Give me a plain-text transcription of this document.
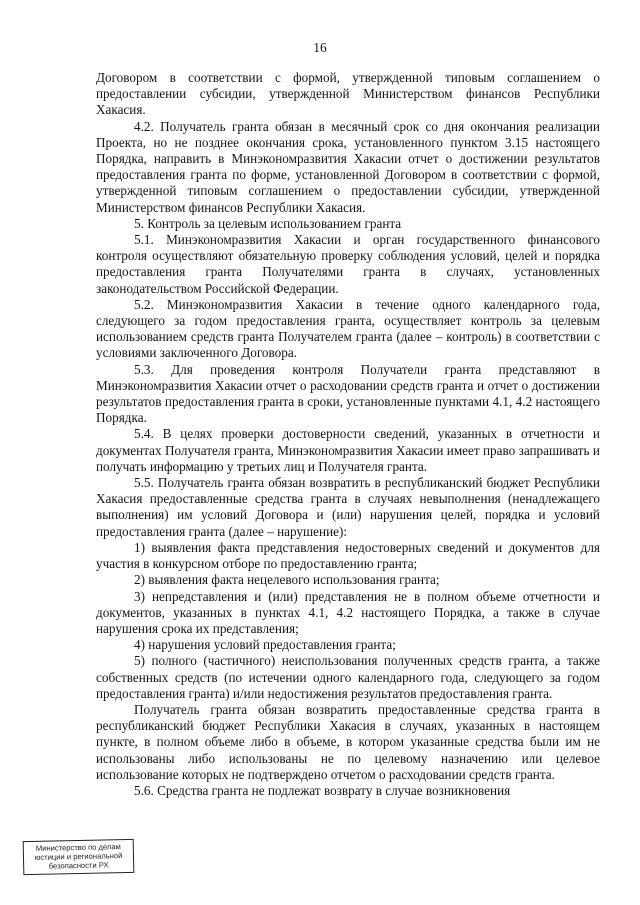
16

Договором в соответствии с формой, утвержденной типовым соглашением о предоставлении субсидии, утвержденной Министерством финансов Республики Хакасия.

4.2. Получатель гранта обязан в месячный срок со дня окончания реализации Проекта, но не позднее окончания срока, установленного пунктом 3.15 настоящего Порядка, направить в Минэкономразвития Хакасии отчет о достижении результатов предоставления гранта по форме, установленной Договором в соответствии с формой, утвержденной типовым соглашением о предоставлении субсидии, утвержденной Министерством финансов Республики Хакасия.

5. Контроль за целевым использованием гранта

5.1. Минэкономразвития Хакасии и орган государственного финансового контроля осуществляют обязательную проверку соблюдения условий, целей и порядка предоставления гранта Получателями гранта в случаях, установленных законодательством Российской Федерации.

5.2. Минэкономразвития Хакасии в течение одного календарного года, следующего за годом предоставления гранта, осуществляет контроль за целевым использованием средств гранта Получателем гранта (далее – контроль) в соответствии с условиями заключенного Договора.

5.3. Для проведения контроля Получатели гранта представляют в Минэкономразвития Хакасии отчет о расходовании средств гранта и отчет о достижении результатов предоставления гранта в сроки, установленные пунктами 4.1, 4.2 настоящего Порядка.

5.4. В целях проверки достоверности сведений, указанных в отчетности и документах Получателя гранта, Минэкономразвития Хакасии имеет право запрашивать и получать информацию у третьих лиц и Получателя гранта.

5.5. Получатель гранта обязан возвратить в республиканский бюджет Республики Хакасия предоставленные средства гранта в случаях невыполнения (ненадлежащего выполнения) им условий Договора и (или) нарушения целей, порядка и условий предоставления гранта (далее – нарушение):

1) выявления факта представления недостоверных сведений и документов для участия в конкурсном отборе по предоставлению гранта;

2) выявления факта нецелевого использования гранта;

3) непредставления и (или) представления не в полном объеме отчетности и документов, указанных в пунктах 4.1, 4.2 настоящего Порядка, а также в случае нарушения срока их представления;

4) нарушения условий предоставления гранта;

5) полного (частичного) неиспользования полученных средств гранта, а также собственных средств (по истечении одного календарного года, следующего за годом предоставления гранта) и/или недостижения результатов предоставления гранта.

Получатель гранта обязан возвратить предоставленные средства гранта в республиканский бюджет Республики Хакасия в случаях, указанных в настоящем пункте, в полном объеме либо в объеме, в котором указанные средства были им не использованы либо использованы не по целевому назначению или целевое использование которых не подтверждено отчетом о расходовании средств гранта.

5.6. Средства гранта не подлежат возврату в случае возникновения

Министерство по делам
юстиции и региональной
безопасности РХ
